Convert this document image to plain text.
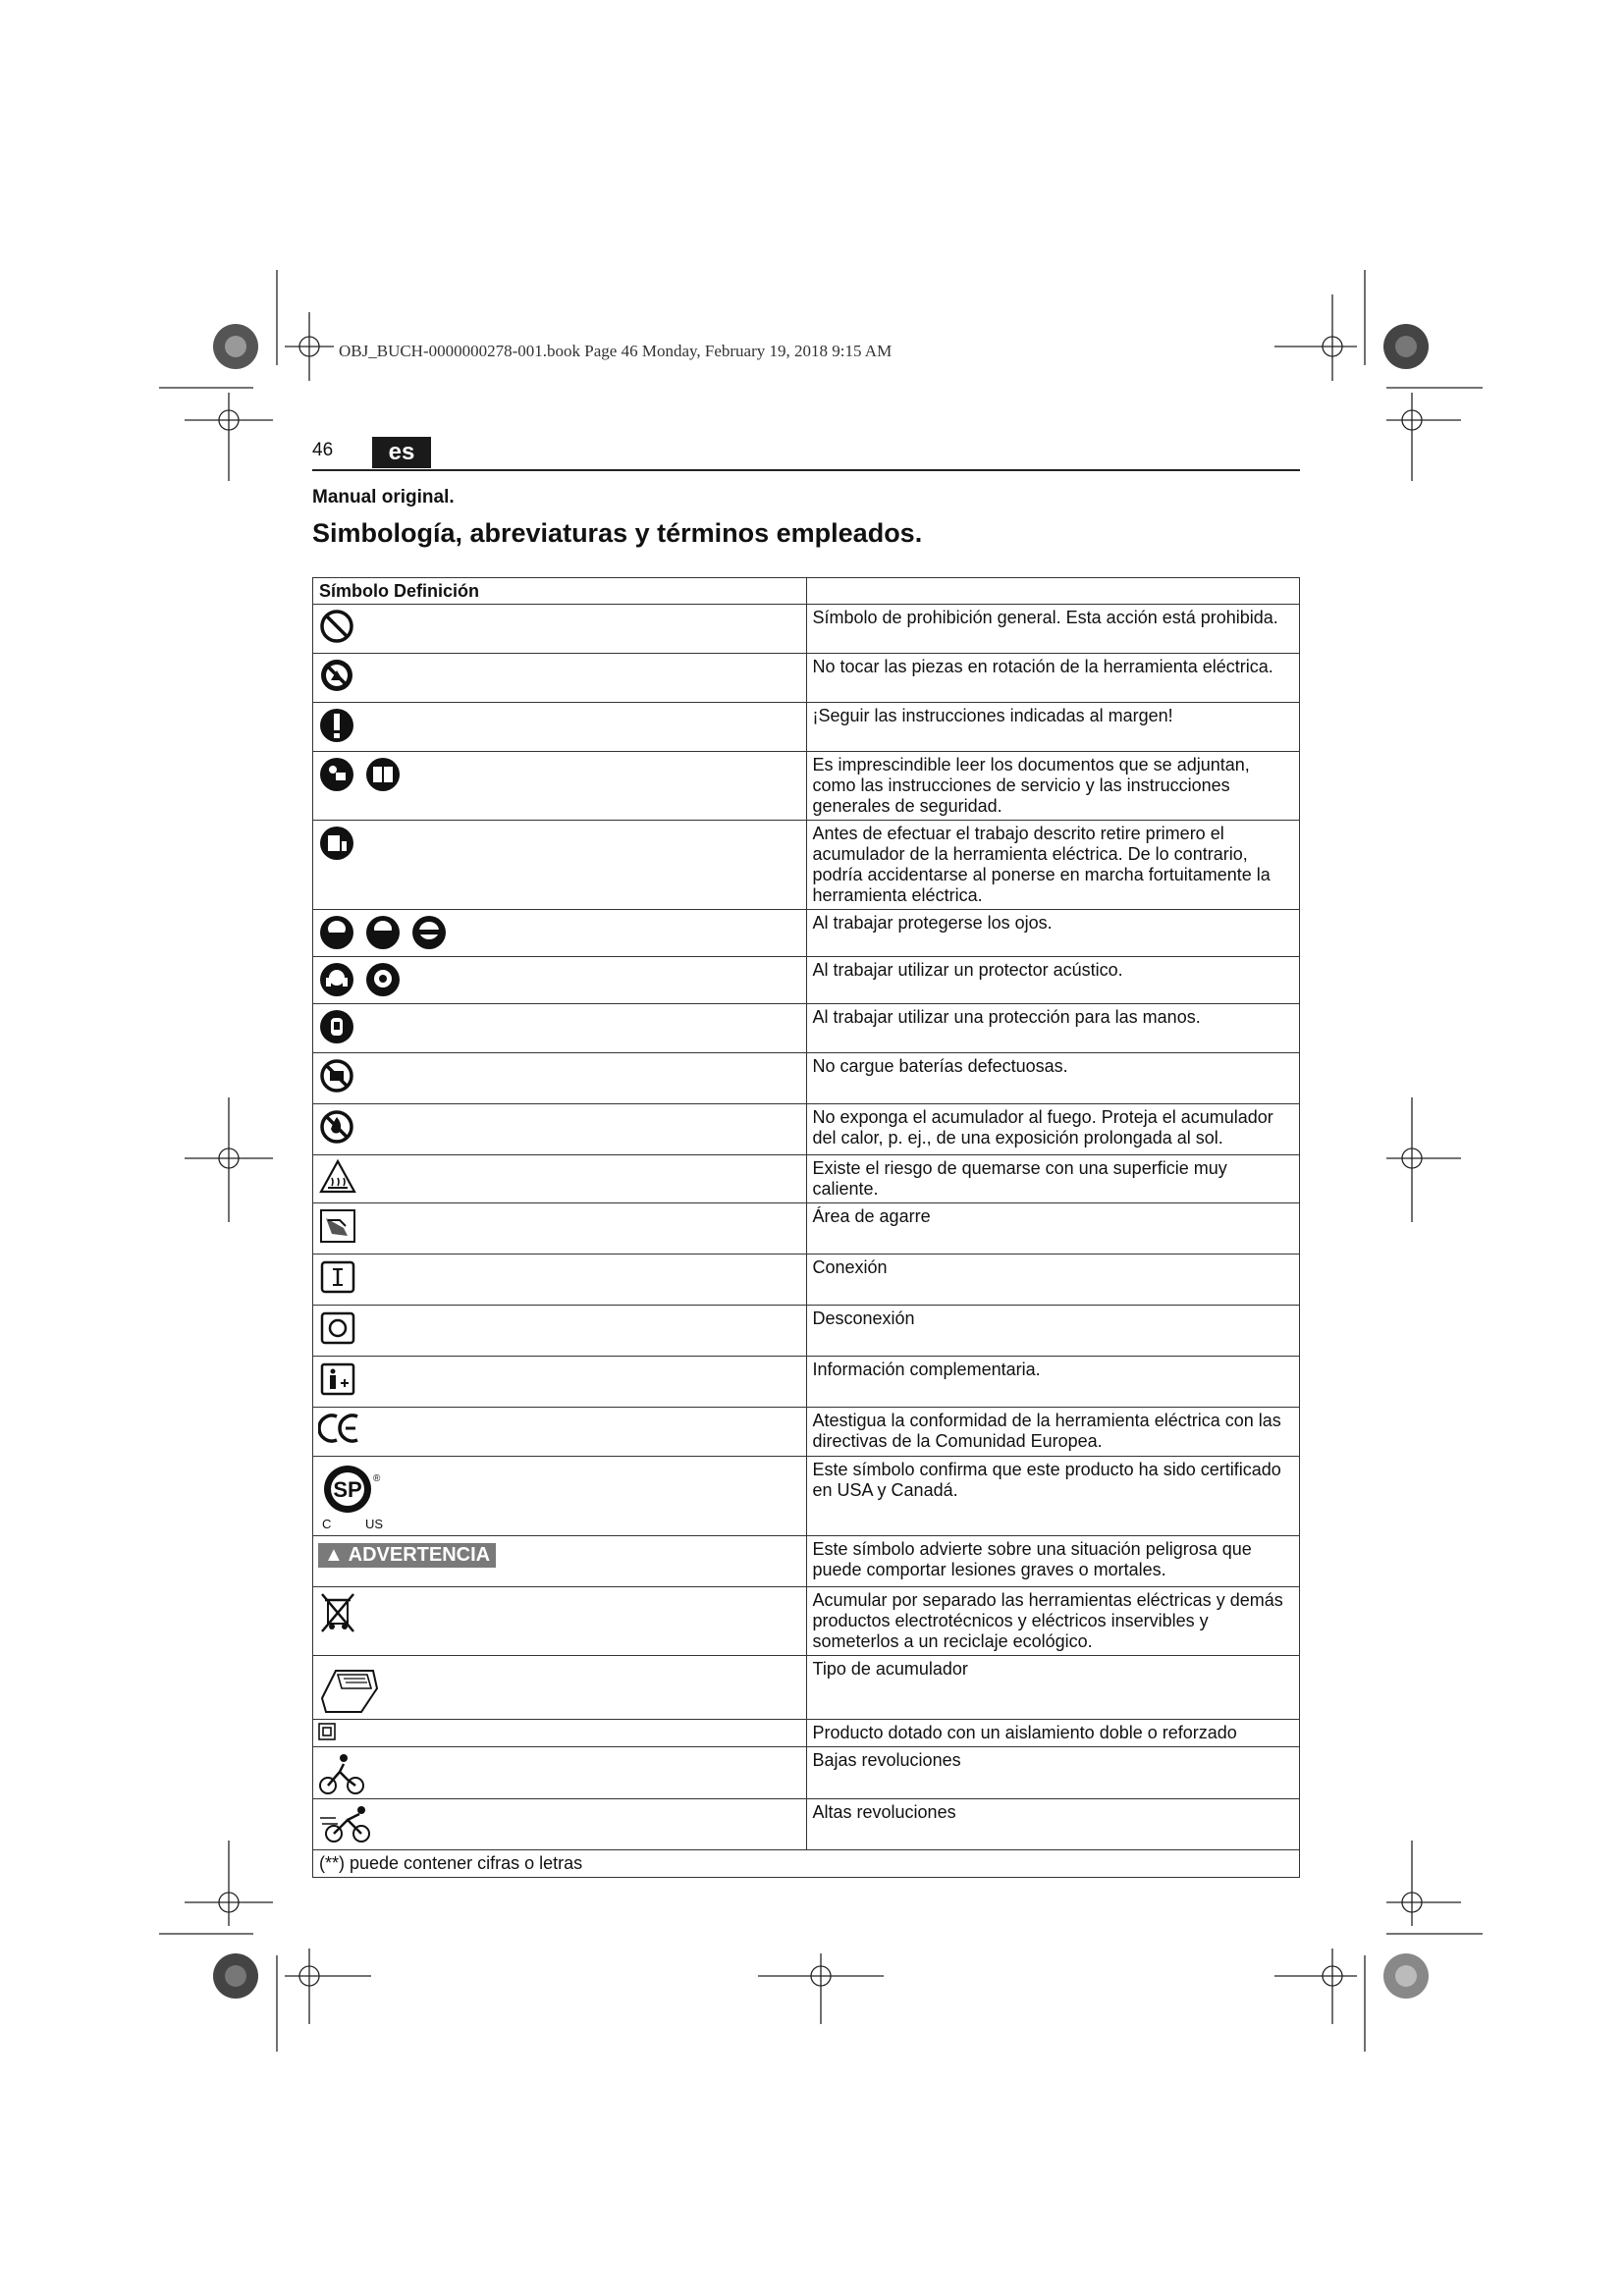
OBJ_BUCH-0000000278-001.book Page 46 Monday, February 19, 2018 9:15 AM
46	es
Manual original.
Simbología, abreviaturas y términos empleados.
Símbolo Definición	
	Símbolo de prohibición general. Esta acción está prohibida.
	No tocar las piezas en rotación de la herramienta eléctrica.
	¡Seguir las instrucciones indicadas al margen!
	Es imprescindible leer los documentos que se adjuntan, como las instrucciones de servicio y las instrucciones generales de seguridad.
	Antes de efectuar el trabajo descrito retire primero el acumulador de la herramienta eléctrica. De lo contrario, podría accidentarse al ponerse en marcha fortuitamente la herramienta eléctrica.
	Al trabajar protegerse los ojos.
	Al trabajar utilizar un protector acústico.
	Al trabajar utilizar una protección para las manos.
	No cargue baterías defectuosas.
	No exponga el acumulador al fuego. Proteja el acumulador del calor, p. ej., de una exposición prolongada al sol.
	Existe el riesgo de quemarse con una superficie muy caliente.
	Área de agarre
	Conexión
	Desconexión
	Información complementaria.
	Atestigua la conformidad de la herramienta eléctrica con las directivas de la Comunidad Europea.

SP ®
C US	Este símbolo confirma que este producto ha sido certificado en USA y Canadá.
▲ ADVERTENCIA	Este símbolo advierte sobre una situación peligrosa que puede comportar lesiones graves o mortales.
	Acumular por separado las herramientas eléctricas y demás productos electrotécnicos y eléctricos inservibles y someterlos a un reciclaje ecológico.
	Tipo de acumulador
	Producto dotado con un aislamiento doble o reforzado
	Bajas revoluciones
	Altas revoluciones
(**) puede contener cifras o letras	
